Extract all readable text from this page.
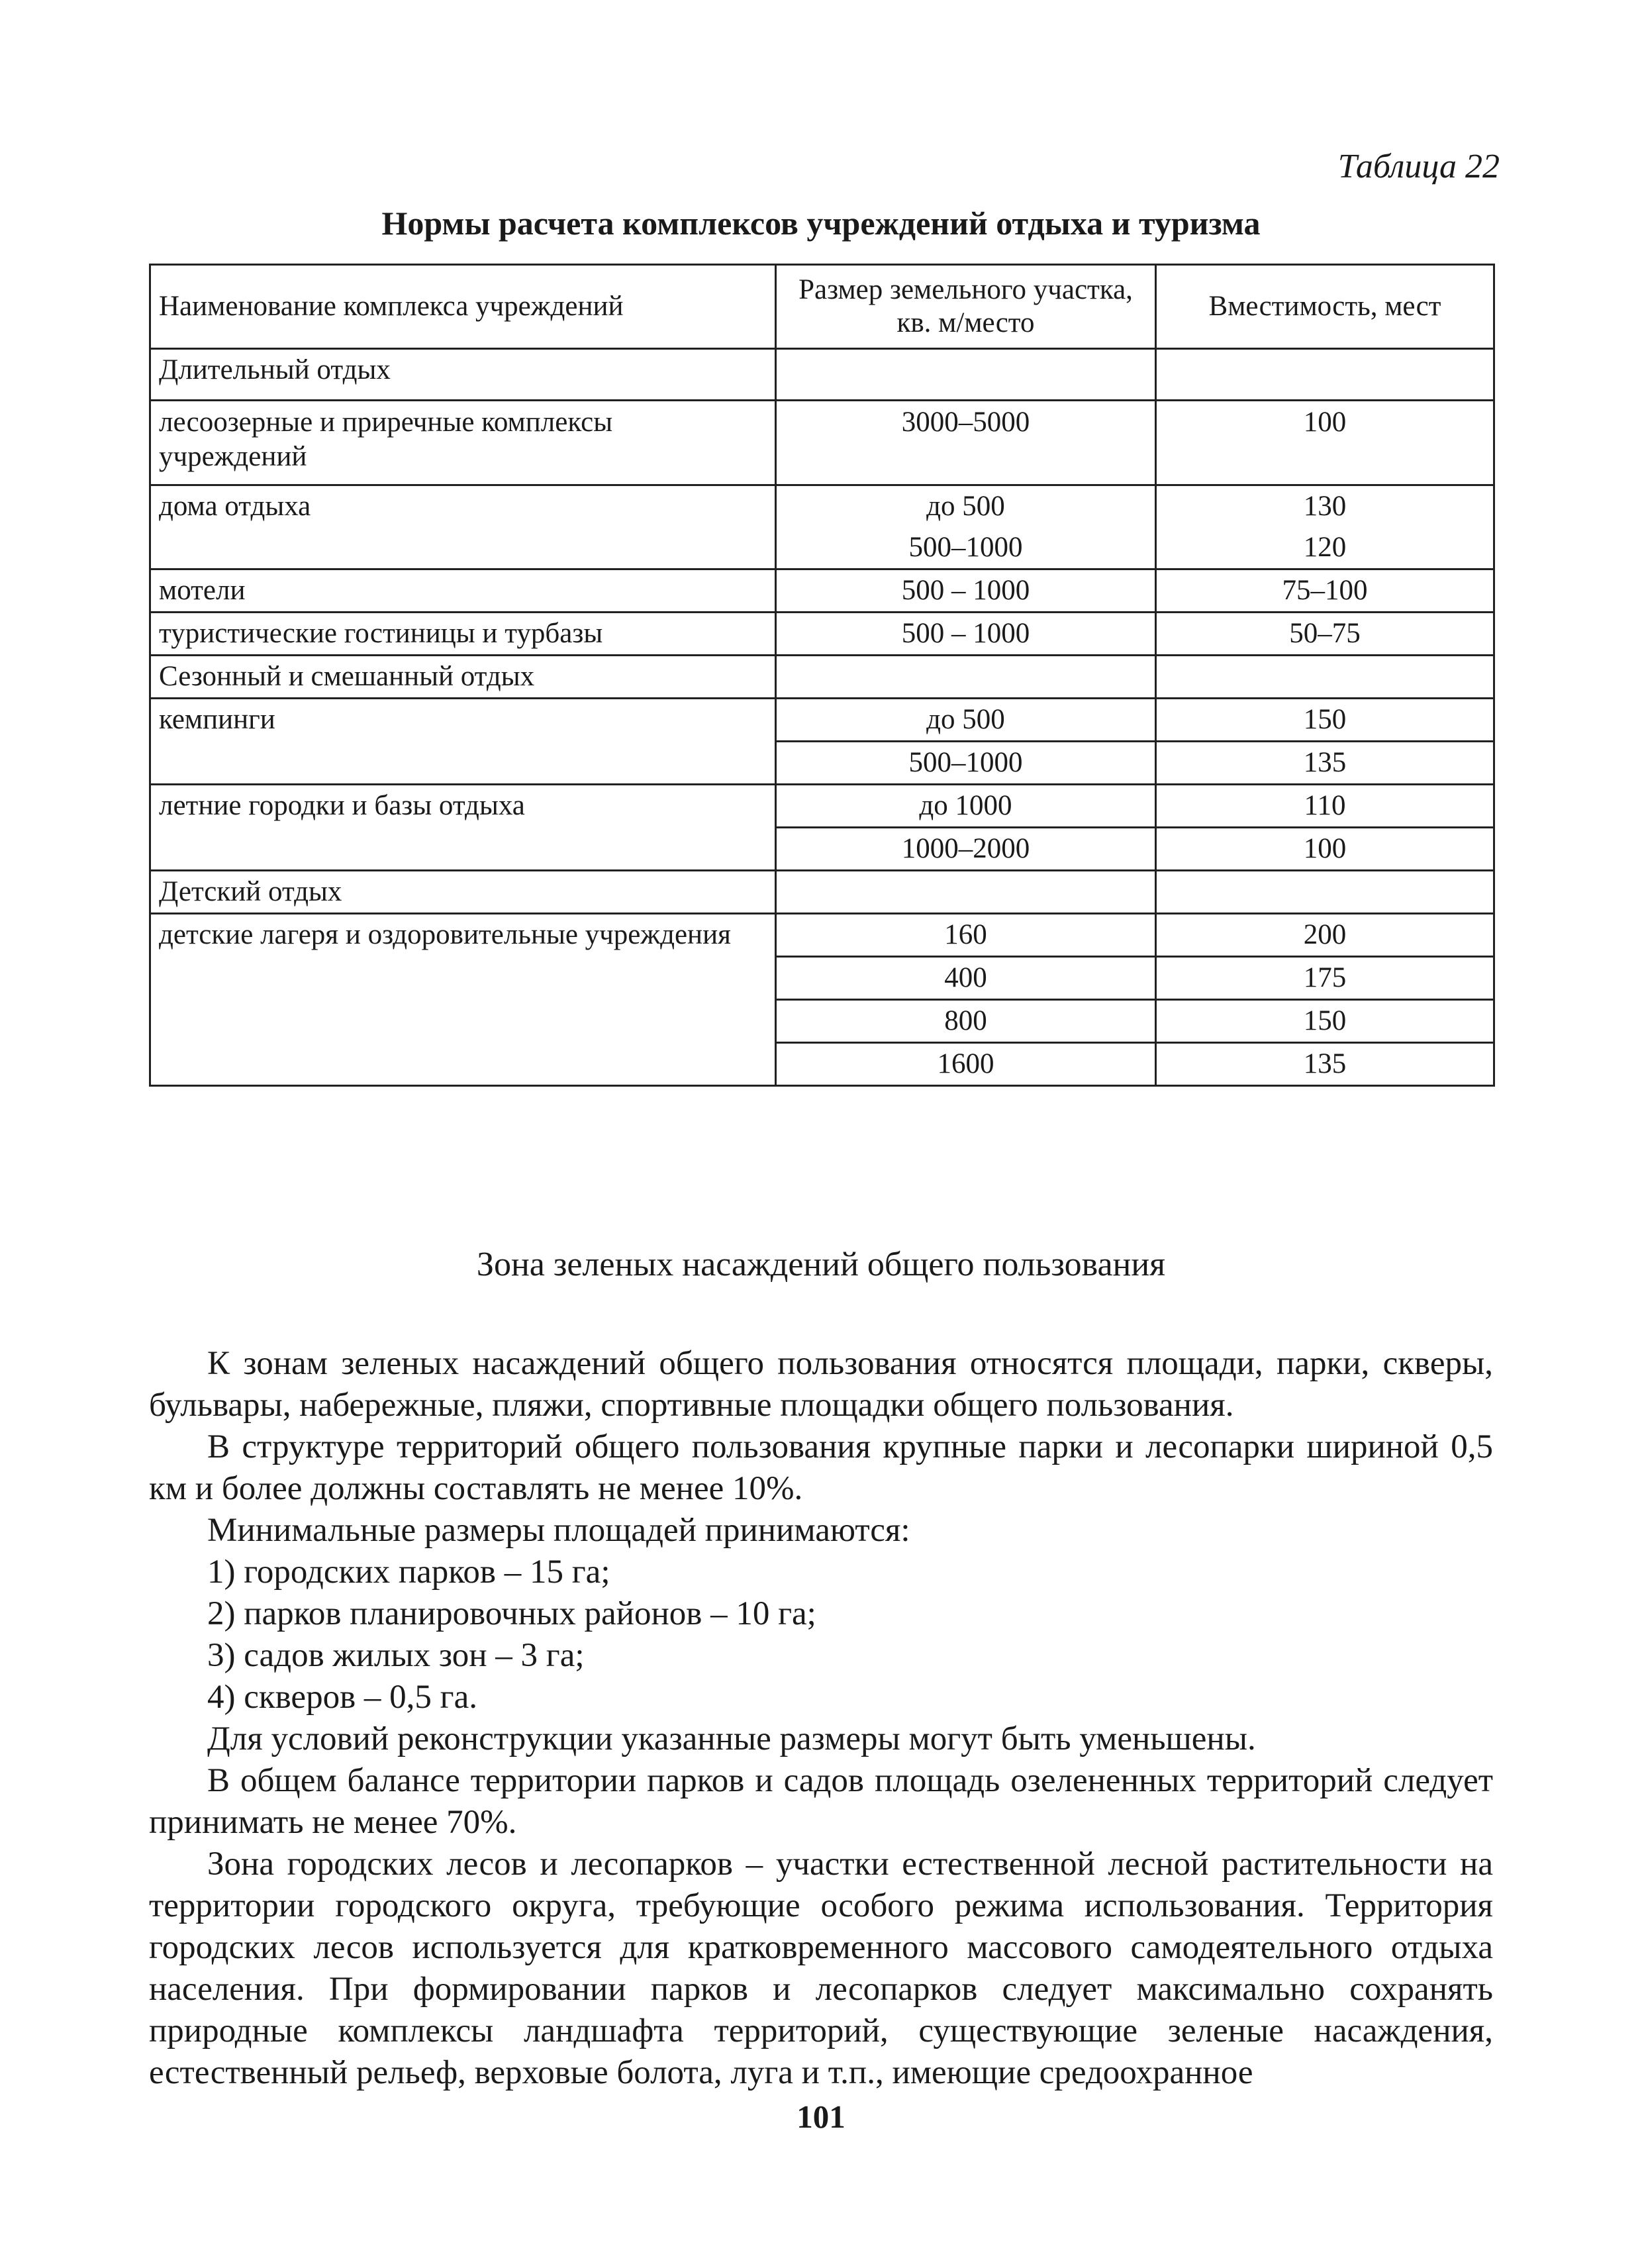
Таблица 22
Нормы расчета комплексов учреждений отдыха и туризма
Наименование комплекса учреждений	Размер земельного участка, кв. м/место	Вместимость, мест
Длительный отдых		
лесоозерные и приречные комплексы учреждений	3000–5000	100
дома отдыха	до 500	130
	500–1000	120
мотели	500 – 1000	75–100
туристические гостиницы и турбазы	500 – 1000	50–75
Сезонный и смешанный отдых		
кемпинги	до 500	150
	500–1000	135
летние городки и базы отдыха	до 1000	110
	1000–2000	100
Детский отдых		
детские лагеря и оздоровительные учреждения	160	200
	400	175
	800	150
	1600	135
Зона зеленых насаждений общего пользования

К зонам зеленых насаждений общего пользования относятся площади, парки, скверы, бульвары, набережные, пляжи, спортивные площадки общего пользования.

В структуре территорий общего пользования крупные парки и лесопарки шириной 0,5 км и более должны составлять не менее 10%.

Минимальные размеры площадей принимаются:

1) городских парков – 15 га;

2) парков планировочных районов – 10 га;

3) садов жилых зон – 3 га;

4) скверов – 0,5 га.

Для условий реконструкции указанные размеры могут быть уменьшены.

В общем балансе территории парков и садов площадь озелененных территорий следует принимать не менее 70%.

Зона городских лесов и лесопарков – участки естественной лесной растительности на территории городского округа, требующие особого режима использования. Территория городских лесов используется для кратковременного массового самодеятельного отдыха населения. При формировании парков и лесопарков следует максимально сохранять природные комплексы ландшафта территорий, существующие зеленые насаждения, естественный рельеф, верховые болота, луга и т.п., имеющие средоохранное

101
